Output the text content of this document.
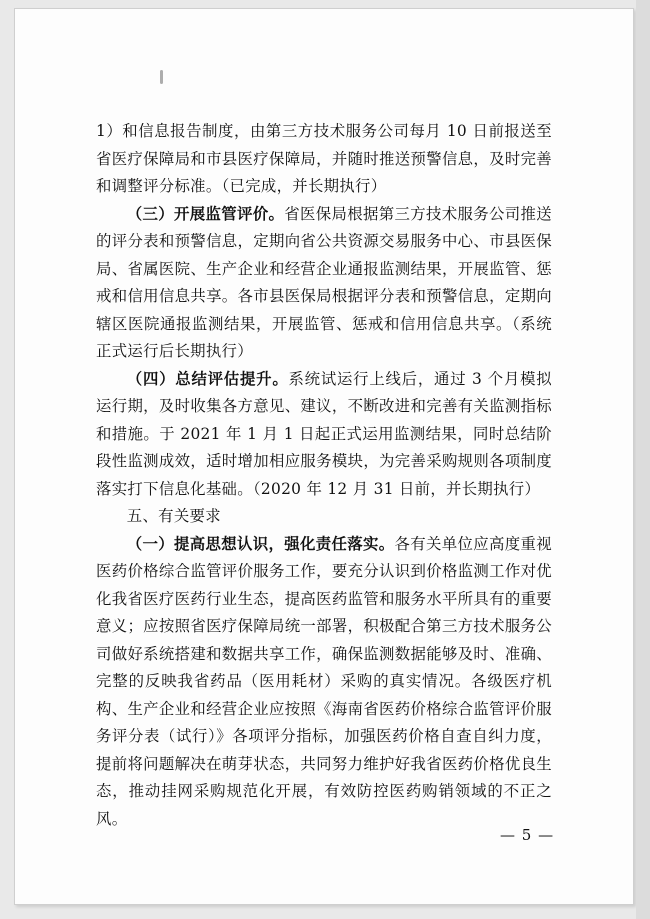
1）和信息报告制度，由第三方技术服务公司每月 10 日前报送至省医疗保障局和市县医疗保障局，并随时推送预警信息，及时完善和调整评分标准。（已完成，并长期执行）

（三）开展监管评价。省医保局根据第三方技术服务公司推送的评分表和预警信息，定期向省公共资源交易服务中心、市县医保局、省属医院、生产企业和经营企业通报监测结果，开展监管、惩戒和信用信息共享。各市县医保局根据评分表和预警信息，定期向辖区医院通报监测结果，开展监管、惩戒和信用信息共享。（系统正式运行后长期执行）

（四）总结评估提升。系统试运行上线后，通过 3 个月模拟运行期，及时收集各方意见、建议，不断改进和完善有关监测指标和措施。于 2021 年 1 月 1 日起正式运用监测结果，同时总结阶段性监测成效，适时增加相应服务模块，为完善采购规则各项制度落实打下信息化基础。（2020 年 12 月 31 日前，并长期执行）

五、有关要求

（一）提高思想认识，强化责任落实。各有关单位应高度重视医药价格综合监管评价服务工作，要充分认识到价格监测工作对优化我省医疗医药行业生态，提高医药监管和服务水平所具有的重要意义；应按照省医疗保障局统一部署，积极配合第三方技术服务公司做好系统搭建和数据共享工作，确保监测数据能够及时、准确、完整的反映我省药品（医用耗材）采购的真实情况。各级医疗机构、生产企业和经营企业应按照《海南省医药价格综合监管评价服务评分表（试行）》各项评分指标，加强医药价格自查自纠力度，提前将问题解决在萌芽状态，共同努力维护好我省医药价格优良生态，推动挂网采购规范化开展，有效防控医药购销领域的不正之风。

— 5 —
